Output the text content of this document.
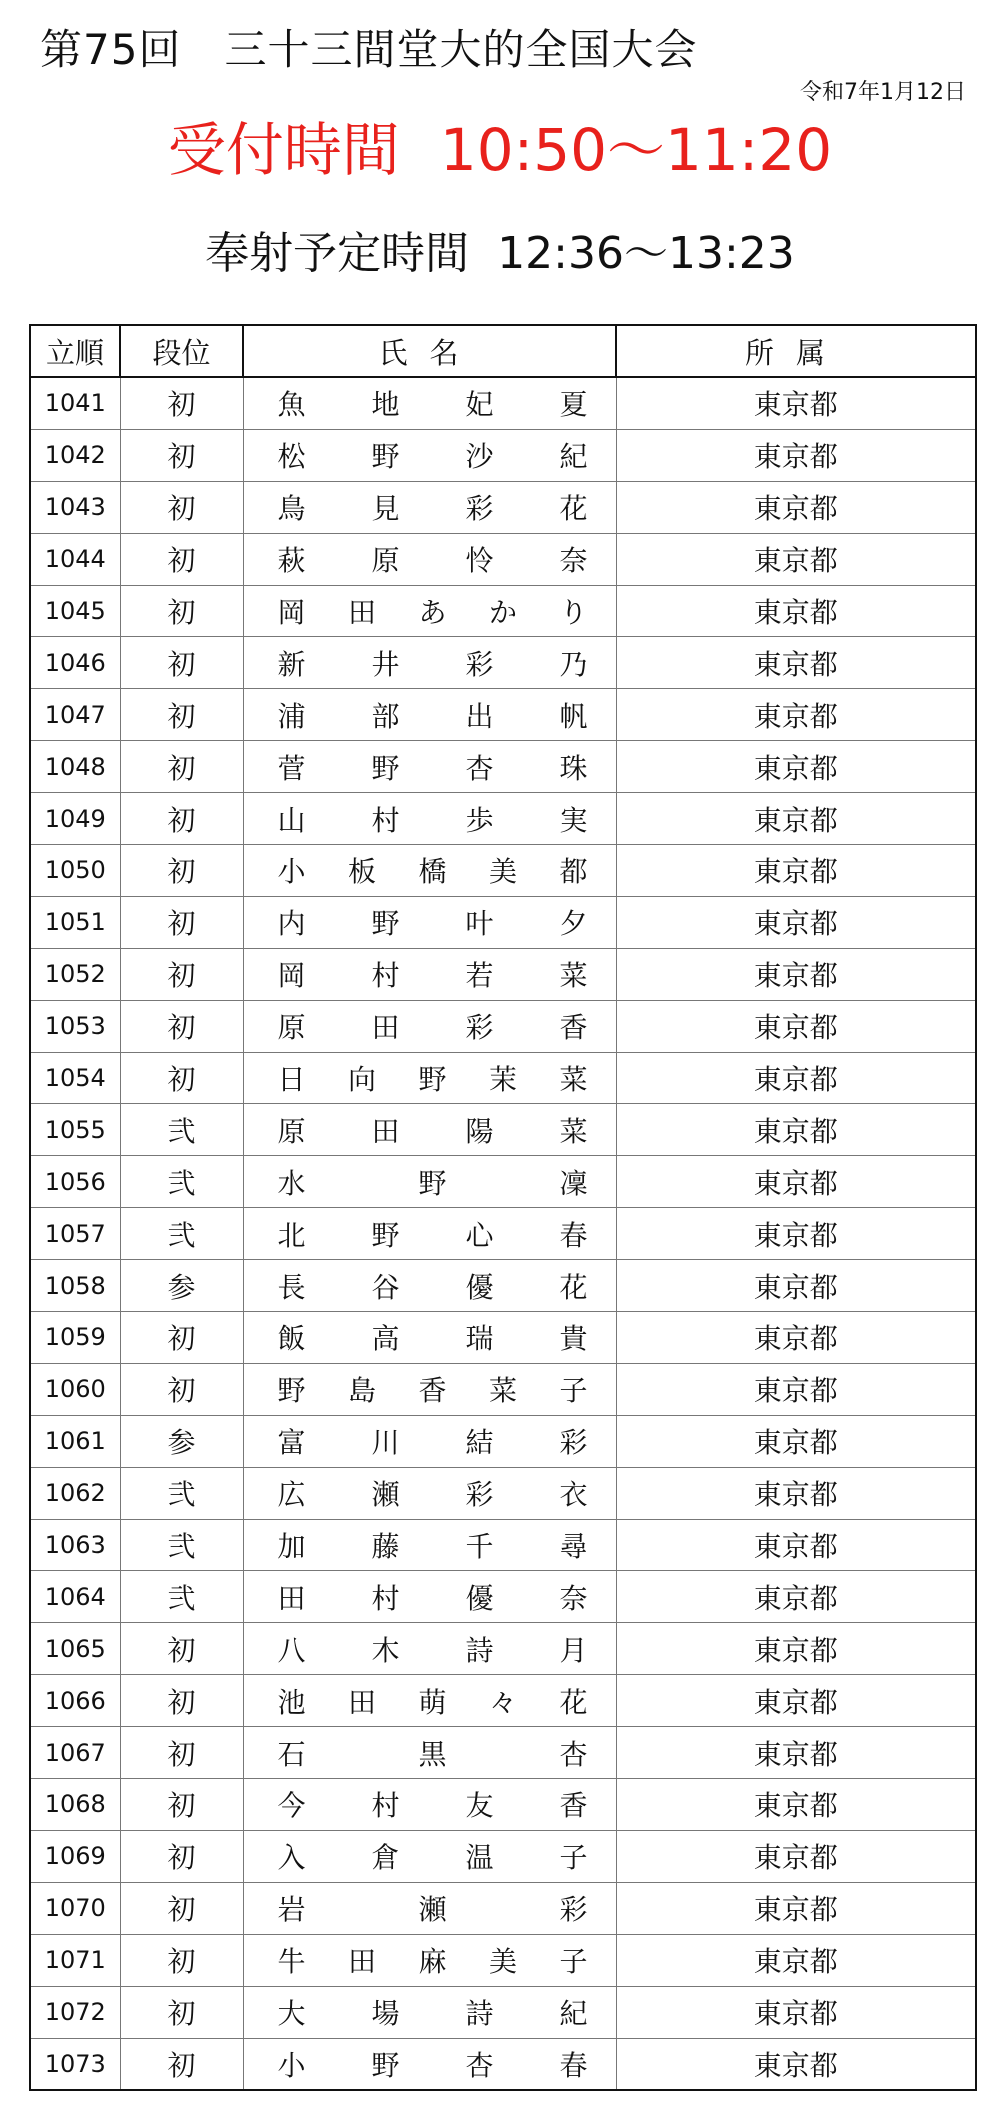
第75回　三十三間堂大的全国大会
令和7年1月12日
受付時間 10:50～11:20
奉射予定時間 12:36～13:23
立順	段位	氏名	所属
1041	初	魚 地 妃 夏	東京都
1042	初	松 野 沙 紀	東京都
1043	初	鳥 見 彩 花	東京都
1044	初	萩 原 怜 奈	東京都
1045	初	岡 田 あ か り	東京都
1046	初	新 井 彩 乃	東京都
1047	初	浦 部 出 帆	東京都
1048	初	菅 野 杏 珠	東京都
1049	初	山 村 歩 実	東京都
1050	初	小 板 橋 美 都	東京都
1051	初	内 野 叶 夕	東京都
1052	初	岡 村 若 菜	東京都
1053	初	原 田 彩 香	東京都
1054	初	日 向 野 茉 菜	東京都
1055	弐	原 田 陽 菜	東京都
1056	弐	水 野 凜	東京都
1057	弐	北 野 心 春	東京都
1058	参	長 谷 優 花	東京都
1059	初	飯 高 瑞 貴	東京都
1060	初	野 島 香 菜 子	東京都
1061	参	富 川 結 彩	東京都
1062	弐	広 瀬 彩 衣	東京都
1063	弐	加 藤 千 尋	東京都
1064	弐	田 村 優 奈	東京都
1065	初	八 木 詩 月	東京都
1066	初	池 田 萌 々 花	東京都
1067	初	石 黒 杏	東京都
1068	初	今 村 友 香	東京都
1069	初	入 倉 温 子	東京都
1070	初	岩 瀬 彩	東京都
1071	初	牛 田 麻 美 子	東京都
1072	初	大 場 詩 紀	東京都
1073	初	小 野 杏 春	東京都
